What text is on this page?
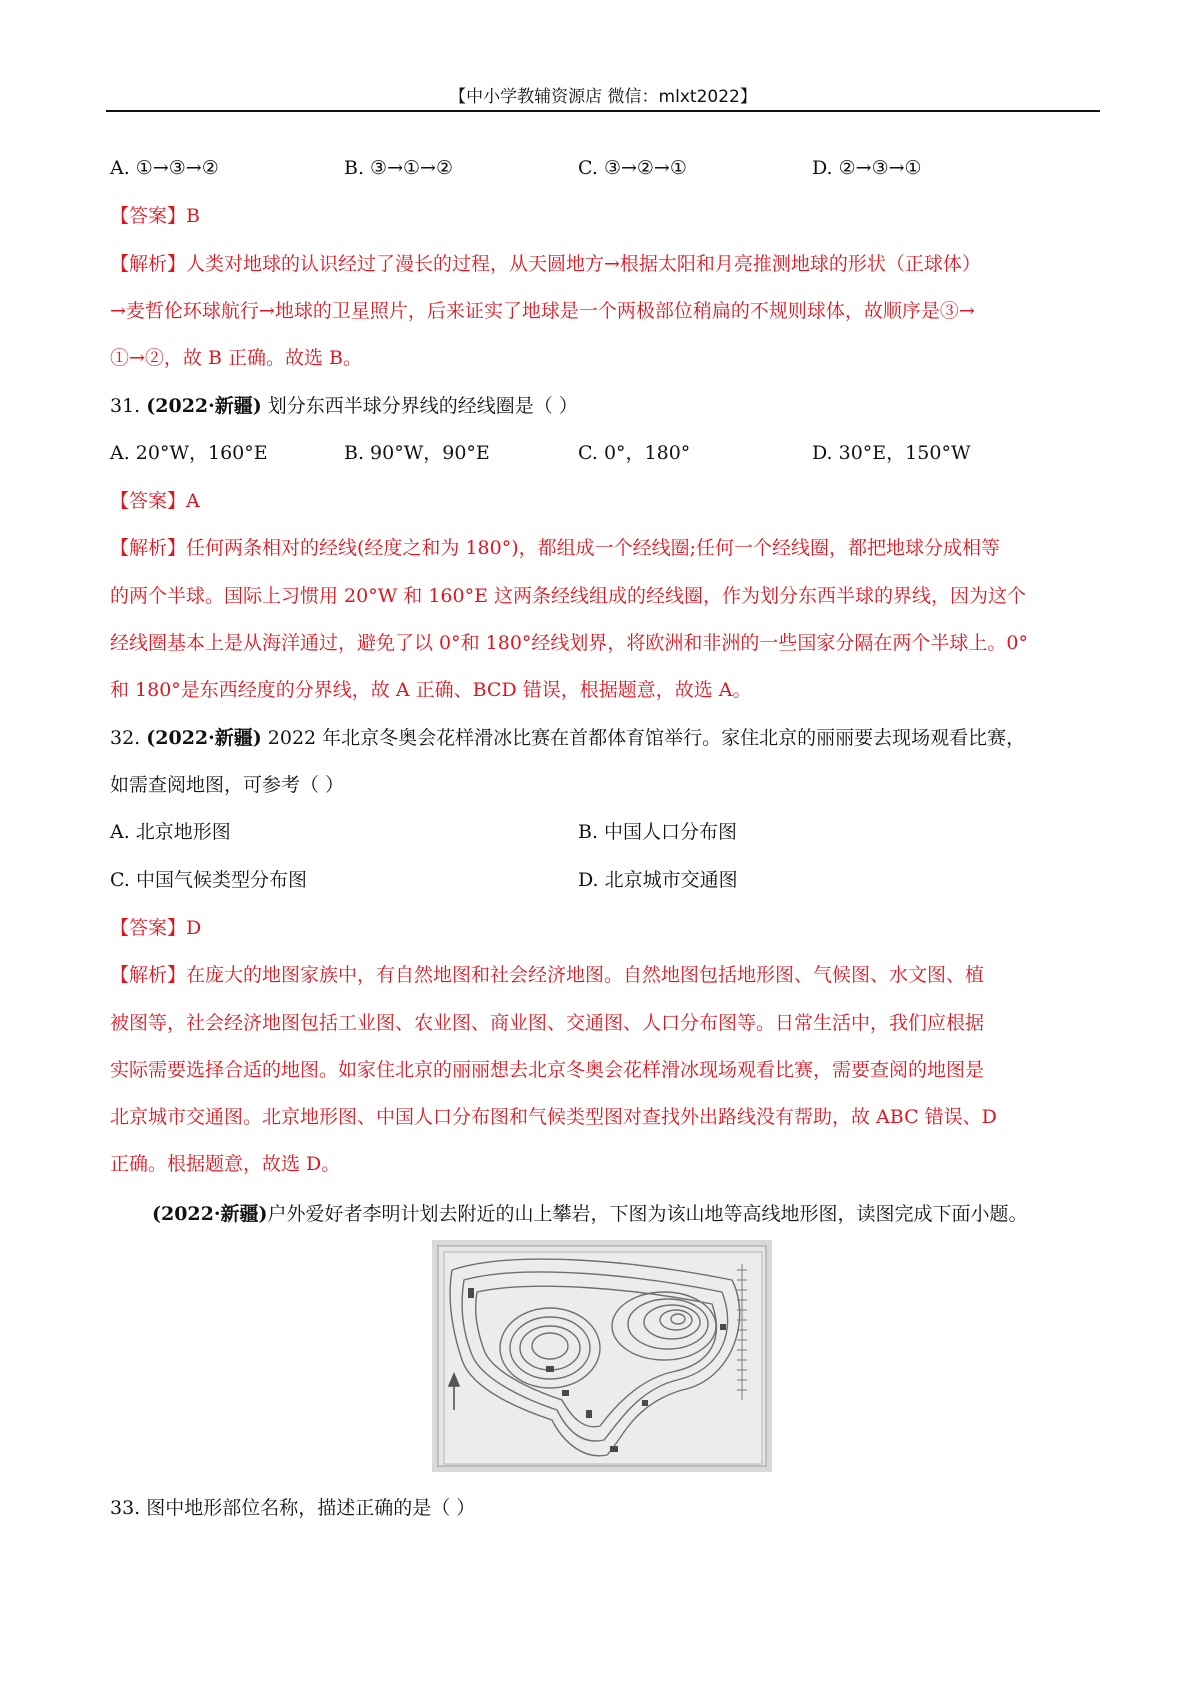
【中小学教辅资源店 微信：mlxt2022】
A. ①→③→②	B. ③→①→②	C. ③→②→①	D. ②→③→①
【答案】B
【解析】人类对地球的认识经过了漫长的过程，从天圆地方→根据太阳和月亮推测地球的形状（正球体）
→麦哲伦环球航行→地球的卫星照片，后来证实了地球是一个两极部位稍扁的不规则球体，故顺序是③→
①→②，故 B 正确。故选 B。
31. (2022·新疆) 划分东西半球分界线的经线圈是（ ）
A. 20°W，160°E	B. 90°W，90°E	C. 0°，180°	D. 30°E，150°W
【答案】A
【解析】任何两条相对的经线(经度之和为 180°)，都组成一个经线圈;任何一个经线圈，都把地球分成相等
的两个半球。国际上习惯用 20°W 和 160°E 这两条经线组成的经线圈，作为划分东西半球的界线，因为这个
经线圈基本上是从海洋通过，避免了以 0°和 180°经线划界，将欧洲和非洲的一些国家分隔在两个半球上。0°
和 180°是东西经度的分界线，故 A 正确、BCD 错误，根据题意，故选 A。
32. (2022·新疆) 2022 年北京冬奥会花样滑冰比赛在首都体育馆举行。家住北京的丽丽要去现场观看比赛，
如需查阅地图，可参考（ ）
A. 北京地形图	B. 中国人口分布图
C. 中国气候类型分布图	D. 北京城市交通图
【答案】D
【解析】在庞大的地图家族中，有自然地图和社会经济地图。自然地图包括地形图、气候图、水文图、植
被图等，社会经济地图包括工业图、农业图、商业图、交通图、人口分布图等。日常生活中，我们应根据
实际需要选择合适的地图。如家住北京的丽丽想去北京冬奥会花样滑冰现场观看比赛，需要查阅的地图是
北京城市交通图。北京地形图、中国人口分布图和气候类型图对查找外出路线没有帮助，故 ABC 错误、D
正确。根据题意，故选 D。
(2022·新疆)户外爱好者李明计划去附近的山上攀岩，下图为该山地等高线地形图，读图完成下面小题。
33. 图中地形部位名称，描述正确的是（ ）
